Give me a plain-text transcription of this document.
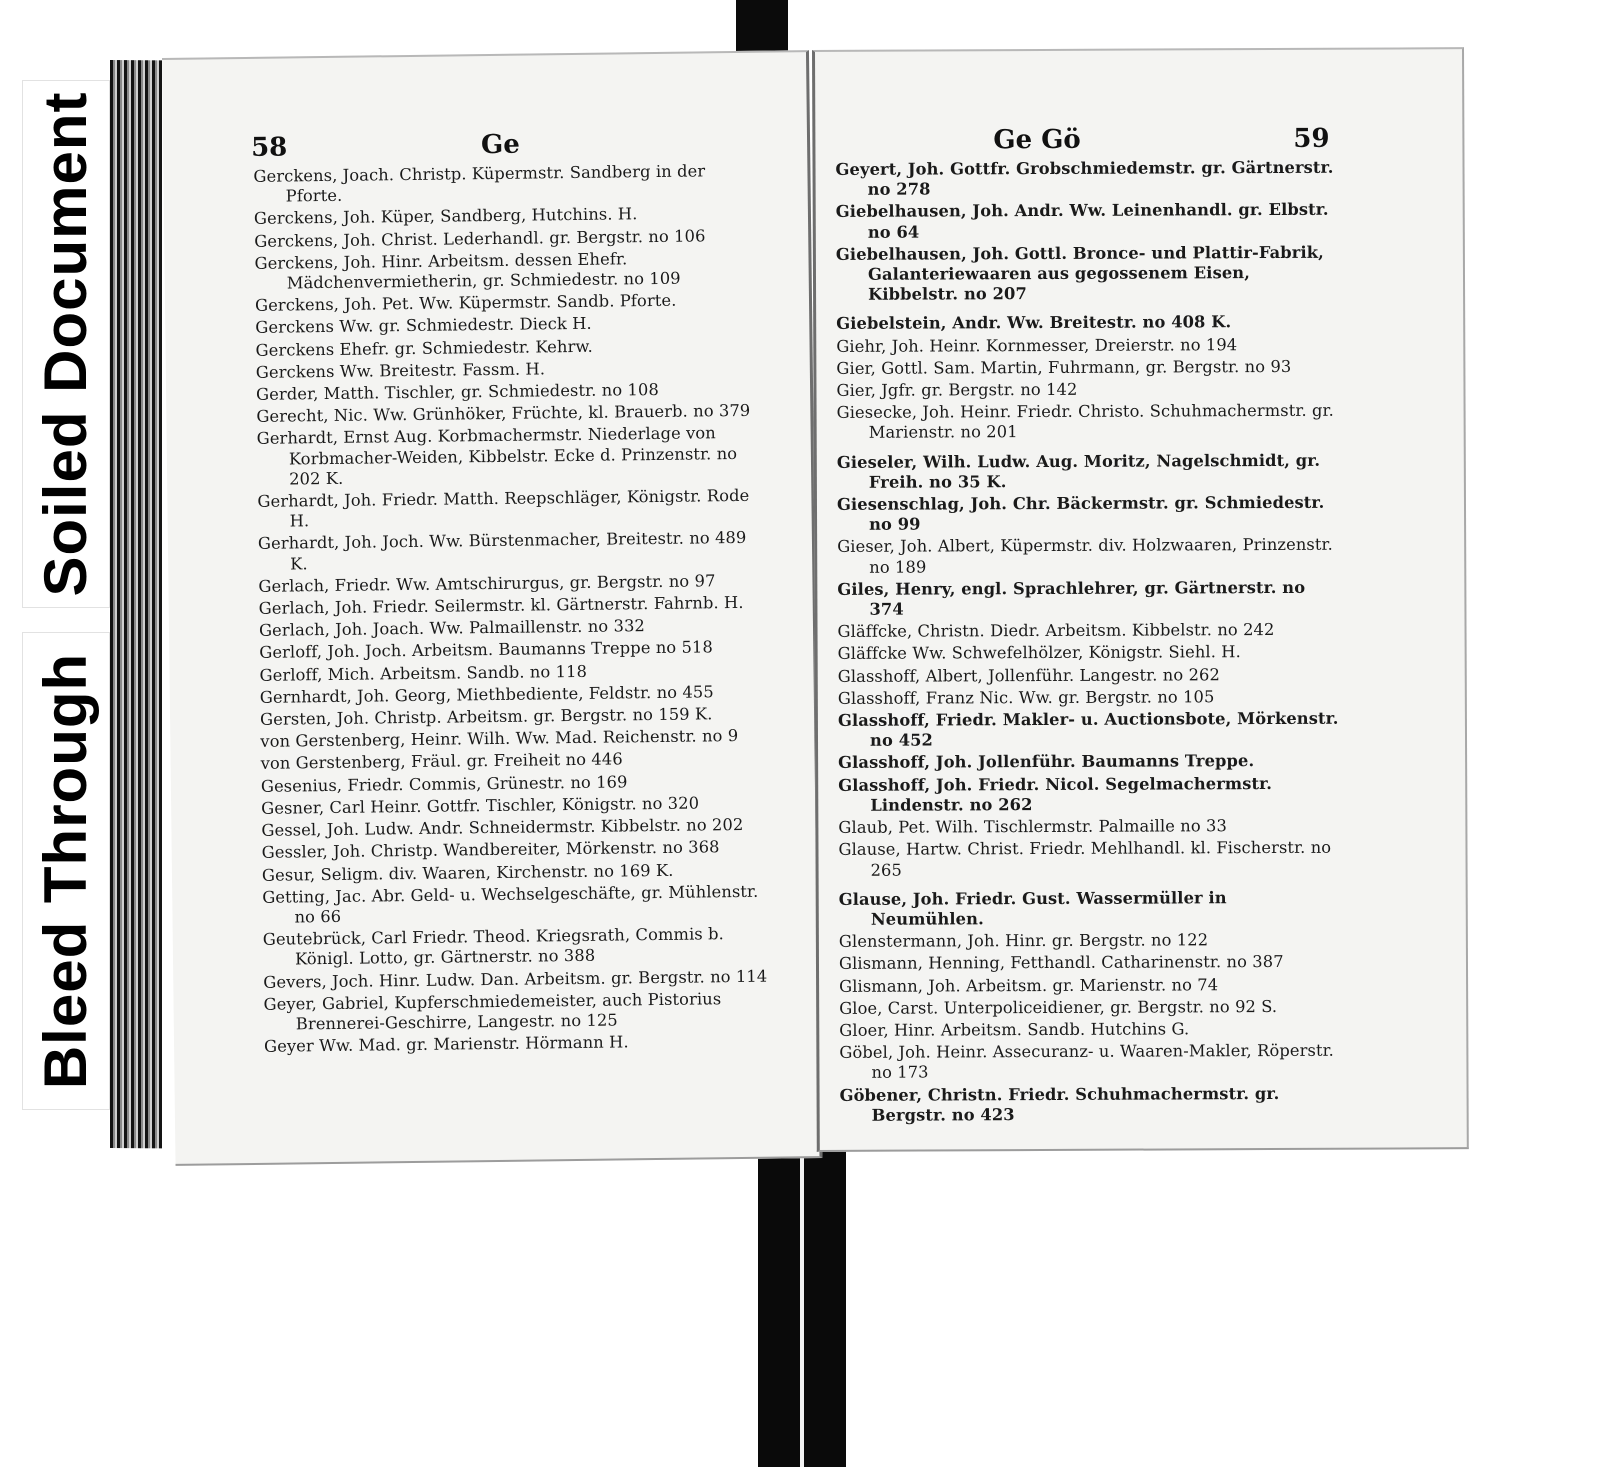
Soiled Document
Bleed Through
58	Ge

Gerckens, Joach. Christp. Küpermstr. Sandberg in der Pforte.

Gerckens, Joh. Küper, Sandberg, Hutchins. H.

Gerckens, Joh. Christ. Lederhandl. gr. Bergstr. no 106

Gerckens, Joh. Hinr. Arbeitsm. dessen Ehefr. Mädchenvermietherin, gr. Schmiedestr. no 109

Gerckens, Joh. Pet. Ww. Küpermstr. Sandb. Pforte.

Gerckens Ww. gr. Schmiedestr. Dieck H.

Gerckens Ehefr. gr. Schmiedestr. Kehrw.

Gerckens Ww. Breitestr. Fassm. H.

Gerder, Matth. Tischler, gr. Schmiedestr. no 108

Gerecht, Nic. Ww. Grünhöker, Früchte, kl. Brauerb. no 379

Gerhardt, Ernst Aug. Korbmachermstr. Niederlage von Korbmacher-Weiden, Kibbelstr. Ecke d. Prinzenstr. no 202 K.

Gerhardt, Joh. Friedr. Matth. Reepschläger, Königstr. Rode H.

Gerhardt, Joh. Joch. Ww. Bürstenmacher, Breitestr. no 489 K.

Gerlach, Friedr. Ww. Amtschirurgus, gr. Bergstr. no 97

Gerlach, Joh. Friedr. Seilermstr. kl. Gärtnerstr. Fahrnb. H.

Gerlach, Joh. Joach. Ww. Palmaillenstr. no 332

Gerloff, Joh. Joch. Arbeitsm. Baumanns Treppe no 518

Gerloff, Mich. Arbeitsm. Sandb. no 118

Gernhardt, Joh. Georg, Miethbediente, Feldstr. no 455

Gersten, Joh. Christp. Arbeitsm. gr. Bergstr. no 159 K.

von Gerstenberg, Heinr. Wilh. Ww. Mad. Reichenstr. no 9

von Gerstenberg, Fräul. gr. Freiheit no 446

Gesenius, Friedr. Commis, Grünestr. no 169

Gesner, Carl Heinr. Gottfr. Tischler, Königstr. no 320

Gessel, Joh. Ludw. Andr. Schneidermstr. Kibbelstr. no 202

Gessler, Joh. Christp. Wandbereiter, Mörkenstr. no 368

Gesur, Seligm. div. Waaren, Kirchenstr. no 169 K.

Getting, Jac. Abr. Geld- u. Wechselgeschäfte, gr. Mühlenstr. no 66

Geutebrück, Carl Friedr. Theod. Kriegsrath, Commis b. Königl. Lotto, gr. Gärtnerstr. no 388

Gevers, Joch. Hinr. Ludw. Dan. Arbeitsm. gr. Bergstr. no 114

Geyer, Gabriel, Kupferschmiedemeister, auch Pistorius Brennerei-Geschirre, Langestr. no 125

Geyer Ww. Mad. gr. Marienstr. Hörmann H.

Ge Gö	59

Geyert, Joh. Gottfr. Grobschmiedemstr. gr. Gärtnerstr. no 278

Giebelhausen, Joh. Andr. Ww. Leinenhandl. gr. Elbstr. no 64

Giebelhausen, Joh. Gottl. Bronce- und Plattir-Fabrik, Galanteriewaaren aus gegossenem Eisen, Kibbelstr. no 207

Giebelstein, Andr. Ww. Breitestr. no 408 K.

Giehr, Joh. Heinr. Kornmesser, Dreierstr. no 194

Gier, Gottl. Sam. Martin, Fuhrmann, gr. Bergstr. no 93

Gier, Jgfr. gr. Bergstr. no 142

Giesecke, Joh. Heinr. Friedr. Christo. Schuhmachermstr. gr. Marienstr. no 201

Gieseler, Wilh. Ludw. Aug. Moritz, Nagelschmidt, gr. Freih. no 35 K.

Giesenschlag, Joh. Chr. Bäckermstr. gr. Schmiedestr. no 99

Gieser, Joh. Albert, Küpermstr. div. Holzwaaren, Prinzenstr. no 189

Giles, Henry, engl. Sprachlehrer, gr. Gärtnerstr. no 374

Gläffcke, Christn. Diedr. Arbeitsm. Kibbelstr. no 242

Gläffcke Ww. Schwefelhölzer, Königstr. Siehl. H.

Glasshoff, Albert, Jollenführ. Langestr. no 262

Glasshoff, Franz Nic. Ww. gr. Bergstr. no 105

Glasshoff, Friedr. Makler- u. Auctionsbote, Mörkenstr. no 452

Glasshoff, Joh. Jollenführ. Baumanns Treppe.

Glasshoff, Joh. Friedr. Nicol. Segelmachermstr. Lindenstr. no 262

Glaub, Pet. Wilh. Tischlermstr. Palmaille no 33

Glause, Hartw. Christ. Friedr. Mehlhandl. kl. Fischerstr. no 265

Glause, Joh. Friedr. Gust. Wassermüller in Neumühlen.

Glenstermann, Joh. Hinr. gr. Bergstr. no 122

Glismann, Henning, Fetthandl. Catharinenstr. no 387

Glismann, Joh. Arbeitsm. gr. Marienstr. no 74

Gloe, Carst. Unterpoliceidiener, gr. Bergstr. no 92 S.

Gloer, Hinr. Arbeitsm. Sandb. Hutchins G.

Göbel, Joh. Heinr. Assecuranz- u. Waaren-Makler, Röperstr. no 173

Göbener, Christn. Friedr. Schuhmachermstr. gr. Bergstr. no 423
